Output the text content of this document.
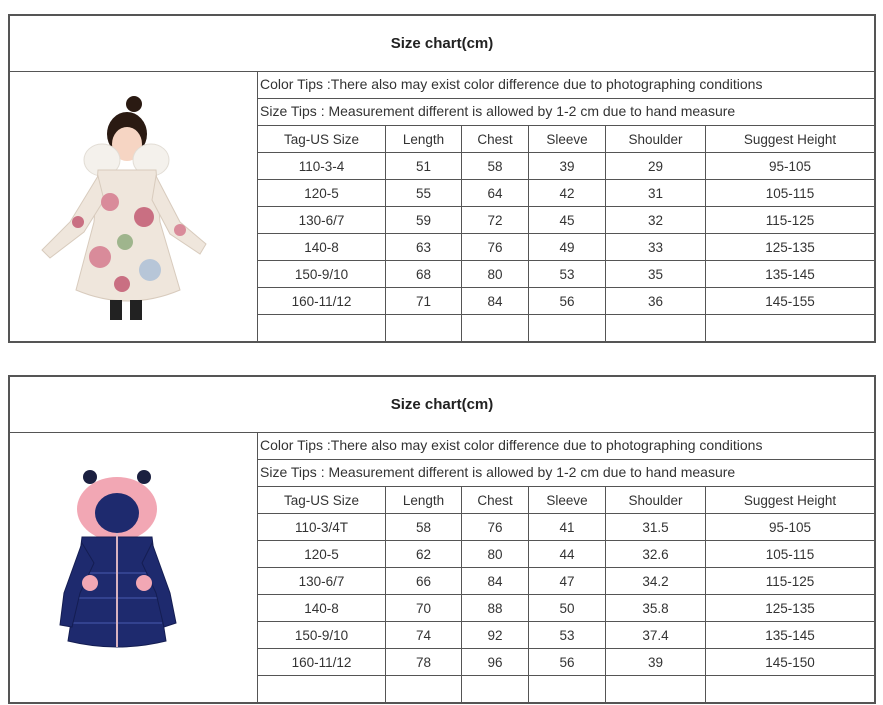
Size chart(cm)
Color Tips :There also may exist color difference due to photographing conditions
Size Tips : Measurement different is allowed by 1-2 cm due to hand measure
Tag-US Size	Length	Chest	Sleeve	Shoulder	Suggest Height
110-3-4	51	58	39	29	95-105
120-5	55	64	42	31	105-115
130-6/7	59	72	45	32	115-125
140-8	63	76	49	33	125-135
150-9/10	68	80	53	35	135-145
160-11/12	71	84	56	36	145-155
Size chart(cm)
Color Tips :There also may exist color difference due to photographing conditions
Size Tips : Measurement different is allowed by 1-2 cm due to hand measure
Tag-US Size	Length	Chest	Sleeve	Shoulder	Suggest Height
110-3/4T	58	76	41	31.5	95-105
120-5	62	80	44	32.6	105-115
130-6/7	66	84	47	34.2	115-125
140-8	70	88	50	35.8	125-135
150-9/10	74	92	53	37.4	135-145
160-11/12	78	96	56	39	145-150
